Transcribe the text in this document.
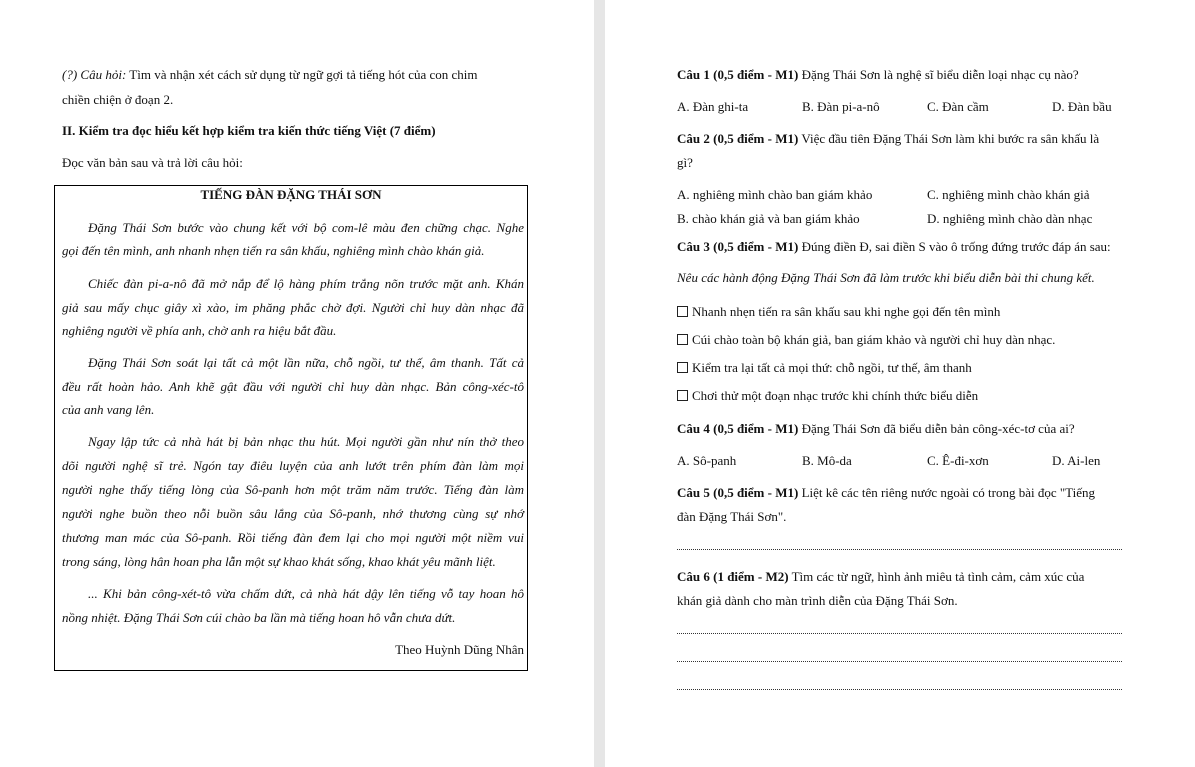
(?) Câu hỏi: Tìm và nhận xét cách sử dụng từ ngữ gợi tả tiếng hót của con chim
chiền chiện ở đoạn 2.
II. Kiểm tra đọc hiểu kết hợp kiểm tra kiến thức tiếng Việt (7 điểm)
Đọc văn bản sau và trả lời câu hỏi:
TIẾNG ĐÀN ĐẶNG THÁI SƠN
Đặng Thái Sơn bước vào chung kết với bộ com-lê màu đen chững chạc. Nghe
gọi đến tên mình, anh nhanh nhẹn tiến ra sân khấu, nghiêng mình chào khán giả.
Chiếc đàn pi-a-nô đã mở nắp để lộ hàng phím trắng nõn trước mặt anh. Khán
giả sau mấy chục giây xì xào, im phăng phắc chờ đợi. Người chỉ huy dàn nhạc đã
nghiêng người về phía anh, chờ anh ra hiệu bắt đầu.
Đặng Thái Sơn soát lại tất cả một lần nữa, chỗ ngồi, tư thế, âm thanh. Tất cả
đều rất hoàn hảo. Anh khẽ gật đầu với người chỉ huy dàn nhạc. Bản công-xéc-tô
của anh vang lên.
Ngay lập tức cả nhà hát bị bản nhạc thu hút. Mọi người gần như nín thở theo
dõi người nghệ sĩ trẻ. Ngón tay điêu luyện của anh lướt trên phím đàn làm mọi
người nghe thấy tiếng lòng của Sô-panh hơn một trăm năm trước. Tiếng đàn làm
người nghe buồn theo nỗi buồn sâu lắng của Sô-panh, nhớ thương cùng sự nhớ
thương man mác của Sô-panh. Rồi tiếng đàn đem lại cho mọi người một niềm vui
trong sáng, lòng hân hoan pha lẫn một sự khao khát sống, khao khát yêu mãnh liệt.
... Khi bản công-xét-tô vừa chấm dứt, cả nhà hát dậy lên tiếng vỗ tay hoan hô
nồng nhiệt. Đặng Thái Sơn cúi chào ba lần mà tiếng hoan hô vẫn chưa dứt.
Theo Huỳnh Dũng Nhân
Câu 1 (0,5 điểm - M1) Đặng Thái Sơn là nghệ sĩ biểu diễn loại nhạc cụ nào?
A. Đàn ghi-ta	B. Đàn pi-a-nô	C. Đàn cầm	D. Đàn bầu
Câu 2 (0,5 điểm - M1) Việc đầu tiên Đặng Thái Sơn làm khi bước ra sân khấu là
gì?
A. nghiêng mình chào ban giám khảo	C. nghiêng mình chào khán giả
B. chào khán giả và ban giám khảo	D. nghiêng mình chào dàn nhạc
Câu 3 (0,5 điểm - M1) Đúng điền Đ, sai điền S vào ô trống đứng trước đáp án sau:
Nêu các hành động Đặng Thái Sơn đã làm trước khi biểu diễn bài thi chung kết.
Nhanh nhẹn tiến ra sân khấu sau khi nghe gọi đến tên mình
Cúi chào toàn bộ khán giả, ban giám khảo và người chỉ huy dàn nhạc.
Kiểm tra lại tất cả mọi thứ: chỗ ngồi, tư thế, âm thanh
Chơi thử một đoạn nhạc trước khi chính thức biểu diễn
Câu 4 (0,5 điểm - M1) Đặng Thái Sơn đã biểu diễn bản công-xéc-tơ của ai?
A. Sô-panh	B. Mô-da	C. Ê-đi-xơn	D. Ai-len
Câu 5 (0,5 điểm - M1) Liệt kê các tên riêng nước ngoài có trong bài đọc "Tiếng
đàn Đặng Thái Sơn".
Câu 6 (1 điểm - M2) Tìm các từ ngữ, hình ảnh miêu tả tình cảm, cảm xúc của
khán giả dành cho màn trình diễn của Đặng Thái Sơn.
